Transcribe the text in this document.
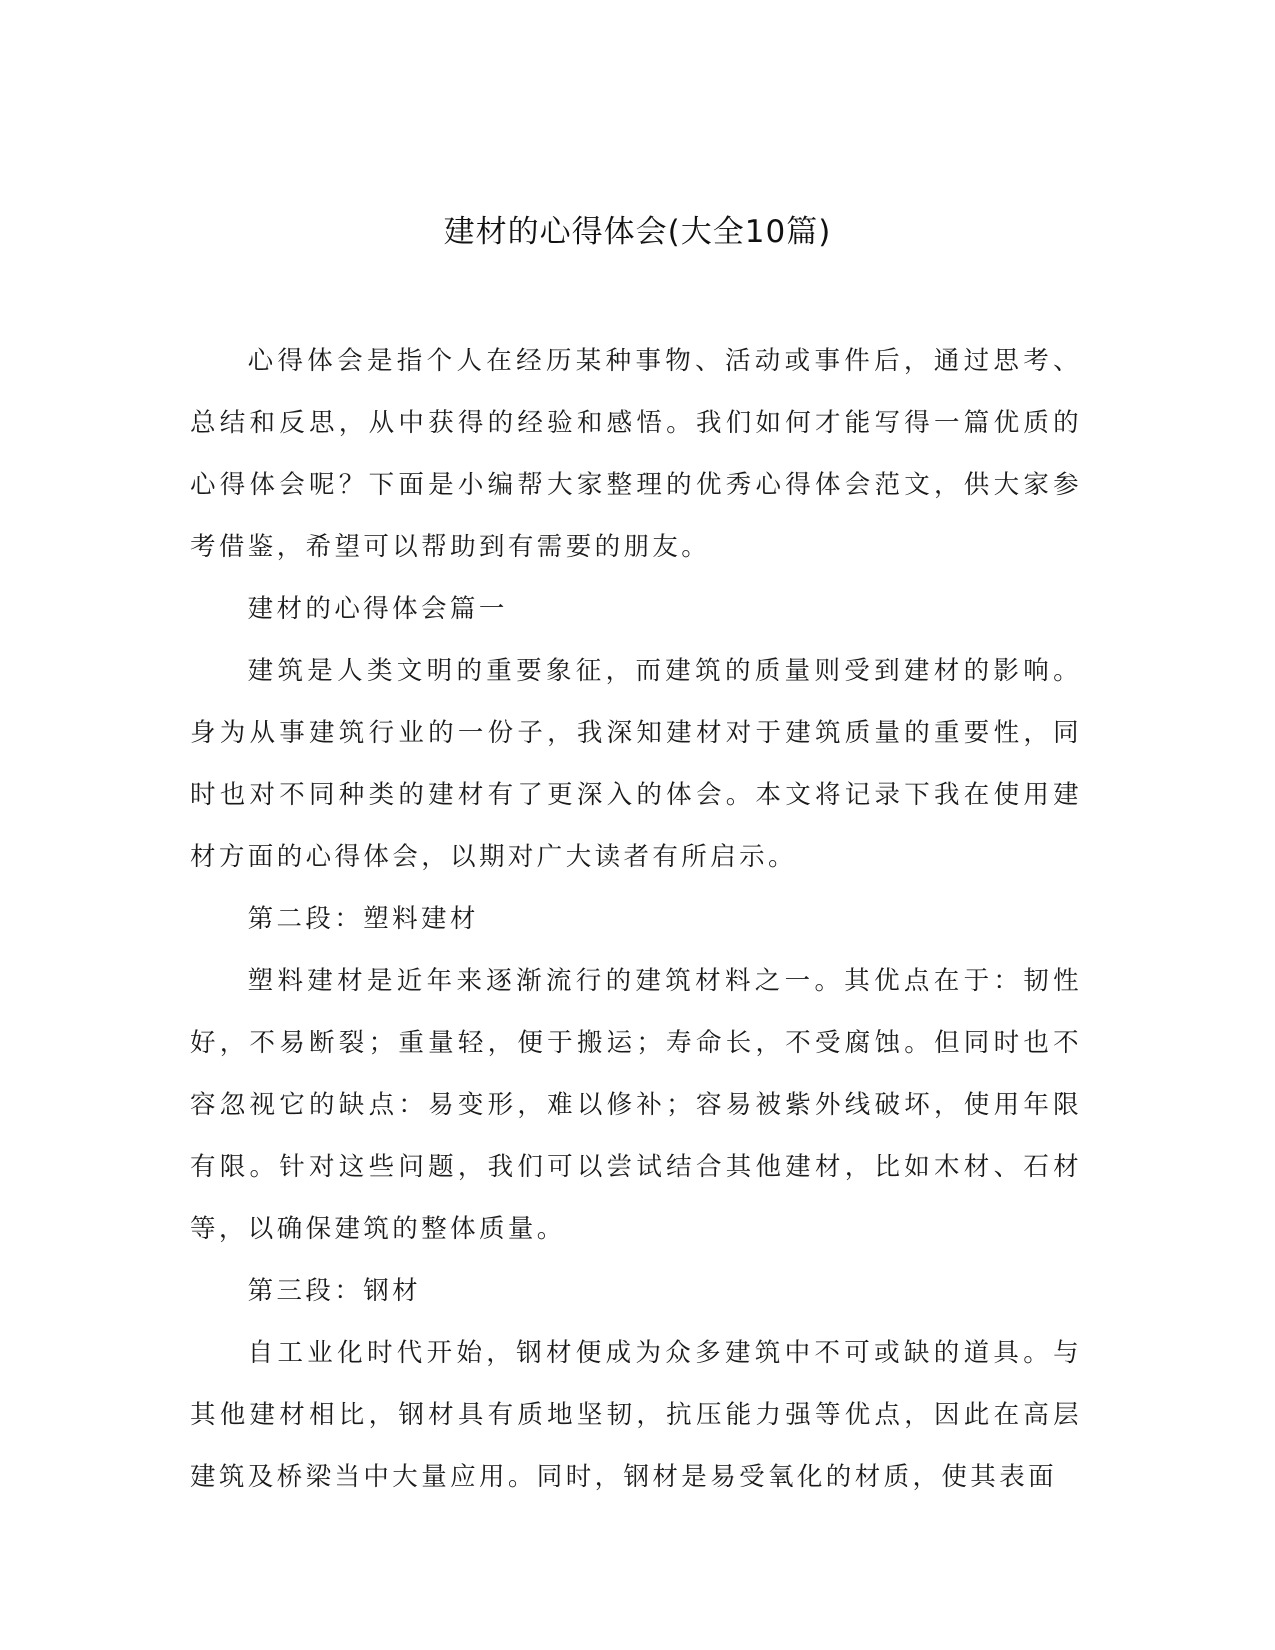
建材的心得体会(大全10篇)

心得体会是指个人在经历某种事物、活动或事件后，通过思考、总结和反思，从中获得的经验和感悟。我们如何才能写得一篇优质的心得体会呢？下面是小编帮大家整理的优秀心得体会范文，供大家参考借鉴，希望可以帮助到有需要的朋友。

建材的心得体会篇一

建筑是人类文明的重要象征，而建筑的质量则受到建材的影响。身为从事建筑行业的一份子，我深知建材对于建筑质量的重要性，同时也对不同种类的建材有了更深入的体会。本文将记录下我在使用建材方面的心得体会，以期对广大读者有所启示。

第二段：塑料建材

塑料建材是近年来逐渐流行的建筑材料之一。其优点在于：韧性好，不易断裂；重量轻，便于搬运；寿命长，不受腐蚀。但同时也不容忽视它的缺点：易变形，难以修补；容易被紫外线破坏，使用年限有限。针对这些问题，我们可以尝试结合其他建材，比如木材、石材等，以确保建筑的整体质量。

第三段：钢材

自工业化时代开始，钢材便成为众多建筑中不可或缺的道具。与其他建材相比，钢材具有质地坚韧，抗压能力强等优点，因此在高层建筑及桥梁当中大量应用。同时，钢材是易受氧化的材质，使其表面
